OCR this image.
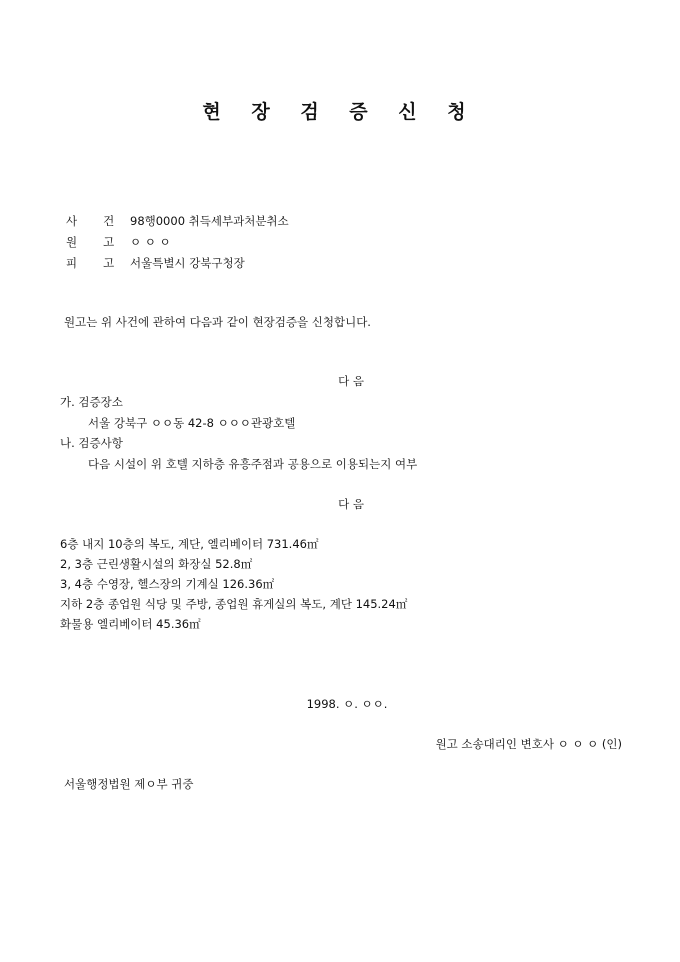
현 장 검 증 신 청
사 건 98행0000 취득세부과처분취소
원 고 ㅇ ㅇ ㅇ
피 고 서울특별시 강북구청장
원고는 위 사건에 관하여 다음과 같이 현장검증을 신청합니다.
다 음
가. 검증장소
서울 강북구 ㅇㅇ동 42-8 ㅇㅇㅇ관광호텔
나. 검증사항
다음 시설이 위 호텔 지하층 유흥주점과 공용으로 이용되는지 여부
다 음
6층 내지 10층의 복도, 계단, 엘리베이터 731.46㎡
2, 3층 근린생활시설의 화장실 52.8㎡
3, 4층 수영장, 헬스장의 기계실 126.36㎡
지하 2층 종업원 식당 및 주방, 종업원 휴게실의 복도, 계단 145.24㎡
화물용 엘리베이터 45.36㎡
1998. ㅇ. ㅇㅇ.
원고 소송대리인 변호사 ㅇ ㅇ ㅇ (인)
서울행정법원 제ㅇ부 귀중
